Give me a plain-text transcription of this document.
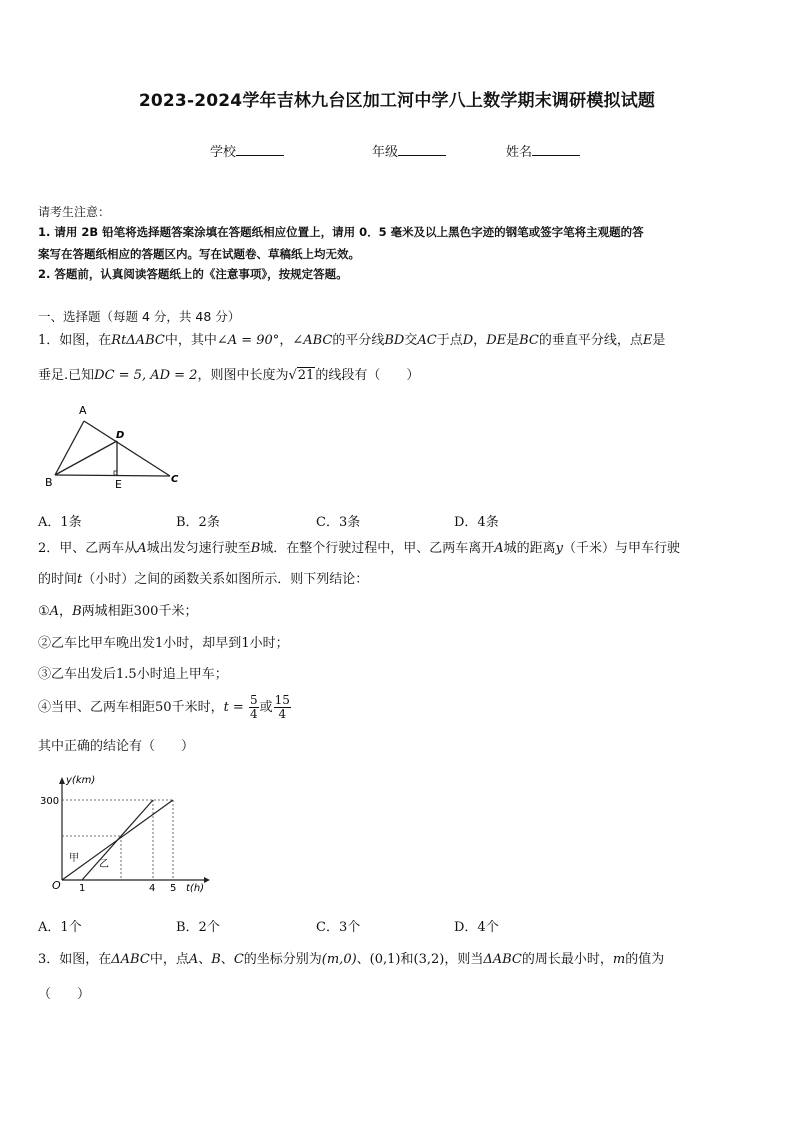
2023-2024学年吉林九台区加工河中学八上数学期末调研模拟试题
学校	年级	姓名
请考生注意：
1. 请用 2B 铅笔将选择题答案涂填在答题纸相应位置上，请用 0．5 毫米及以上黑色字迹的钢笔或签字笔将主观题的答
案写在答题纸相应的答题区内。写在试题卷、草稿纸上均无效。
2. 答题前，认真阅读答题纸上的《注意事项》，按规定答题。
一、选择题（每题 4 分，共 48 分）
1．如图，在RtΔABC中，其中∠A = 90°，∠ABC的平分线BD交AC于点D，DE是BC的垂直平分线，点E是
垂足.已知DC = 5, AD = 2，则图中长度为√21的线段有（　　）
A
B	C
D
E
A．1条	B．2条	C．3条	D．4条
2．甲、乙两车从A城出发匀速行驶至B城．在整个行驶过程中，甲、乙两车离开A城的距离y（千米）与甲车行驶
的时间t（小时）之间的函数关系如图所示．则下列结论：
①A，B两城相距300千米；
②乙车比甲车晚出发1小时，却早到1小时；
③乙车出发后1.5小时追上甲车；
④当甲、乙两车相距50千米时，$t = \frac{5}{4}$ 或 $\frac{15}{4}$
其中正确的结论有（　　）
y(km)
t(h)
O
300
1	4 5
甲
乙
A．1个	B．2个	C．3个	D．4个
3．如图，在ΔABC中，点A、B、C的坐标分别为(m,0)、(0,1)和(3,2)，则当ΔABC的周长最小时，m的值为
（　　）
